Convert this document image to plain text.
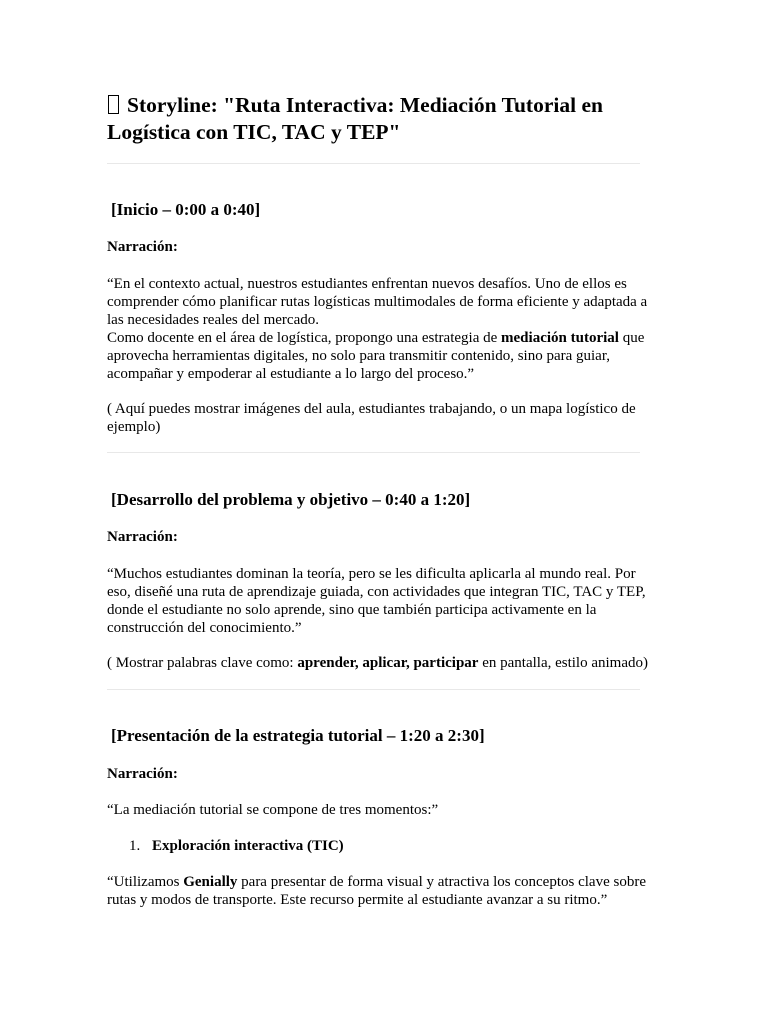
Storyline: "Ruta Interactiva: Mediación Tutorial en Logística con TIC, TAC y TEP"
[Inicio – 0:00 a 0:40]

Narración:

“En el contexto actual, nuestros estudiantes enfrentan nuevos desafíos. Uno de ellos es comprender cómo planificar rutas logísticas multimodales de forma eficiente y adaptada a las necesidades reales del mercado.
Como docente en el área de logística, propongo una estrategia de mediación tutorial que aprovecha herramientas digitales, no solo para transmitir contenido, sino para guiar, acompañar y empoderar al estudiante a lo largo del proceso.”

( Aquí puedes mostrar imágenes del aula, estudiantes trabajando, o un mapa logístico de ejemplo)

[Desarrollo del problema y objetivo – 0:40 a 1:20]

Narración:

“Muchos estudiantes dominan la teoría, pero se les dificulta aplicarla al mundo real. Por eso, diseñé una ruta de aprendizaje guiada, con actividades que integran TIC, TAC y TEP, donde el estudiante no solo aprende, sino que también participa activamente en la construcción del conocimiento.”

( Mostrar palabras clave como: aprender, aplicar, participar en pantalla, estilo animado)

[Presentación de la estrategia tutorial – 1:20 a 2:30]

Narración:

“La mediación tutorial se compone de tres momentos:”

1. Exploración interactiva (TIC)

“Utilizamos Genially para presentar de forma visual y atractiva los conceptos clave sobre rutas y modos de transporte. Este recurso permite al estudiante avanzar a su ritmo.”
